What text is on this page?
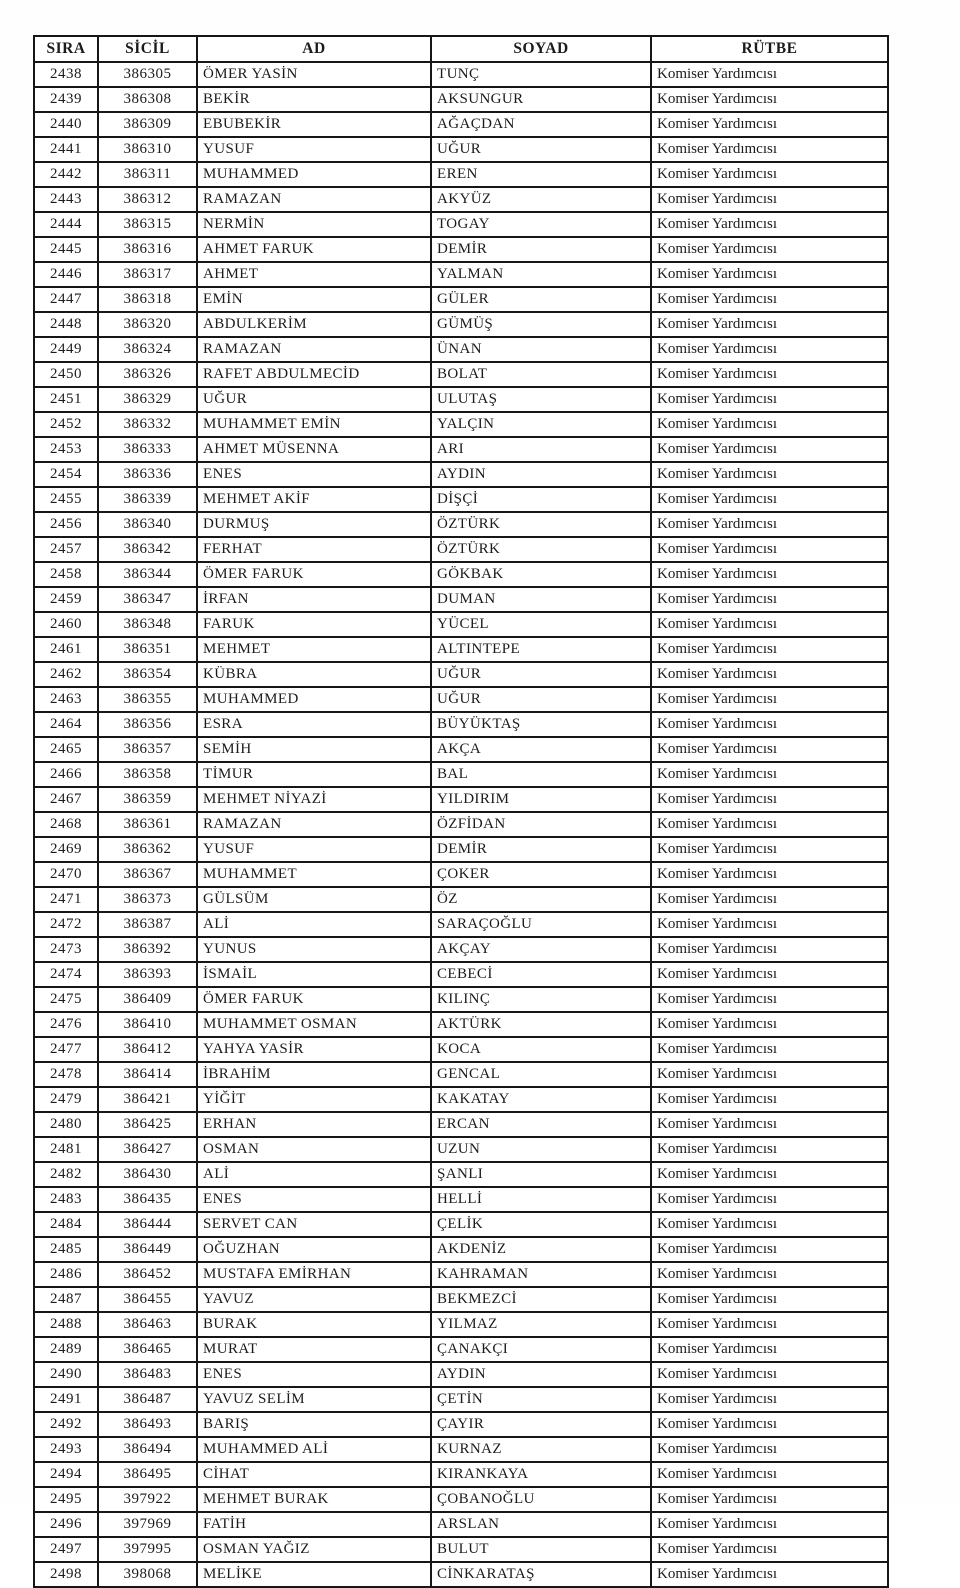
SIRA	SİCİL	AD	SOYAD	RÜTBE
2438	386305	ÖMER YASİN	TUNÇ	Komiser Yardımcısı
2439	386308	BEKİR	AKSUNGUR	Komiser Yardımcısı
2440	386309	EBUBEKİR	AĞAÇDAN	Komiser Yardımcısı
2441	386310	YUSUF	UĞUR	Komiser Yardımcısı
2442	386311	MUHAMMED	EREN	Komiser Yardımcısı
2443	386312	RAMAZAN	AKYÜZ	Komiser Yardımcısı
2444	386315	NERMİN	TOGAY	Komiser Yardımcısı
2445	386316	AHMET FARUK	DEMİR	Komiser Yardımcısı
2446	386317	AHMET	YALMAN	Komiser Yardımcısı
2447	386318	EMİN	GÜLER	Komiser Yardımcısı
2448	386320	ABDULKERİM	GÜMÜŞ	Komiser Yardımcısı
2449	386324	RAMAZAN	ÜNAN	Komiser Yardımcısı
2450	386326	RAFET ABDULMECİD	BOLAT	Komiser Yardımcısı
2451	386329	UĞUR	ULUTAŞ	Komiser Yardımcısı
2452	386332	MUHAMMET EMİN	YALÇIN	Komiser Yardımcısı
2453	386333	AHMET MÜSENNA	ARI	Komiser Yardımcısı
2454	386336	ENES	AYDIN	Komiser Yardımcısı
2455	386339	MEHMET AKİF	DİŞÇİ	Komiser Yardımcısı
2456	386340	DURMUŞ	ÖZTÜRK	Komiser Yardımcısı
2457	386342	FERHAT	ÖZTÜRK	Komiser Yardımcısı
2458	386344	ÖMER FARUK	GÖKBAK	Komiser Yardımcısı
2459	386347	İRFAN	DUMAN	Komiser Yardımcısı
2460	386348	FARUK	YÜCEL	Komiser Yardımcısı
2461	386351	MEHMET	ALTINTEPE	Komiser Yardımcısı
2462	386354	KÜBRA	UĞUR	Komiser Yardımcısı
2463	386355	MUHAMMED	UĞUR	Komiser Yardımcısı
2464	386356	ESRA	BÜYÜKTAŞ	Komiser Yardımcısı
2465	386357	SEMİH	AKÇA	Komiser Yardımcısı
2466	386358	TİMUR	BAL	Komiser Yardımcısı
2467	386359	MEHMET NİYAZİ	YILDIRIM	Komiser Yardımcısı
2468	386361	RAMAZAN	ÖZFİDAN	Komiser Yardımcısı
2469	386362	YUSUF	DEMİR	Komiser Yardımcısı
2470	386367	MUHAMMET	ÇOKER	Komiser Yardımcısı
2471	386373	GÜLSÜM	ÖZ	Komiser Yardımcısı
2472	386387	ALİ	SARAÇOĞLU	Komiser Yardımcısı
2473	386392	YUNUS	AKÇAY	Komiser Yardımcısı
2474	386393	İSMAİL	CEBECİ	Komiser Yardımcısı
2475	386409	ÖMER FARUK	KILINÇ	Komiser Yardımcısı
2476	386410	MUHAMMET OSMAN	AKTÜRK	Komiser Yardımcısı
2477	386412	YAHYA YASİR	KOCA	Komiser Yardımcısı
2478	386414	İBRAHİM	GENCAL	Komiser Yardımcısı
2479	386421	YİĞİT	KAKATAY	Komiser Yardımcısı
2480	386425	ERHAN	ERCAN	Komiser Yardımcısı
2481	386427	OSMAN	UZUN	Komiser Yardımcısı
2482	386430	ALİ	ŞANLI	Komiser Yardımcısı
2483	386435	ENES	HELLİ	Komiser Yardımcısı
2484	386444	SERVET CAN	ÇELİK	Komiser Yardımcısı
2485	386449	OĞUZHAN	AKDENİZ	Komiser Yardımcısı
2486	386452	MUSTAFA EMİRHAN	KAHRAMAN	Komiser Yardımcısı
2487	386455	YAVUZ	BEKMEZCİ	Komiser Yardımcısı
2488	386463	BURAK	YILMAZ	Komiser Yardımcısı
2489	386465	MURAT	ÇANAKÇI	Komiser Yardımcısı
2490	386483	ENES	AYDIN	Komiser Yardımcısı
2491	386487	YAVUZ SELİM	ÇETİN	Komiser Yardımcısı
2492	386493	BARIŞ	ÇAYIR	Komiser Yardımcısı
2493	386494	MUHAMMED ALİ	KURNAZ	Komiser Yardımcısı
2494	386495	CİHAT	KIRANKAYA	Komiser Yardımcısı
2495	397922	MEHMET BURAK	ÇOBANOĞLU	Komiser Yardımcısı
2496	397969	FATİH	ARSLAN	Komiser Yardımcısı
2497	397995	OSMAN YAĞIZ	BULUT	Komiser Yardımcısı
2498	398068	MELİKE	CİNKARATAŞ	Komiser Yardımcısı
